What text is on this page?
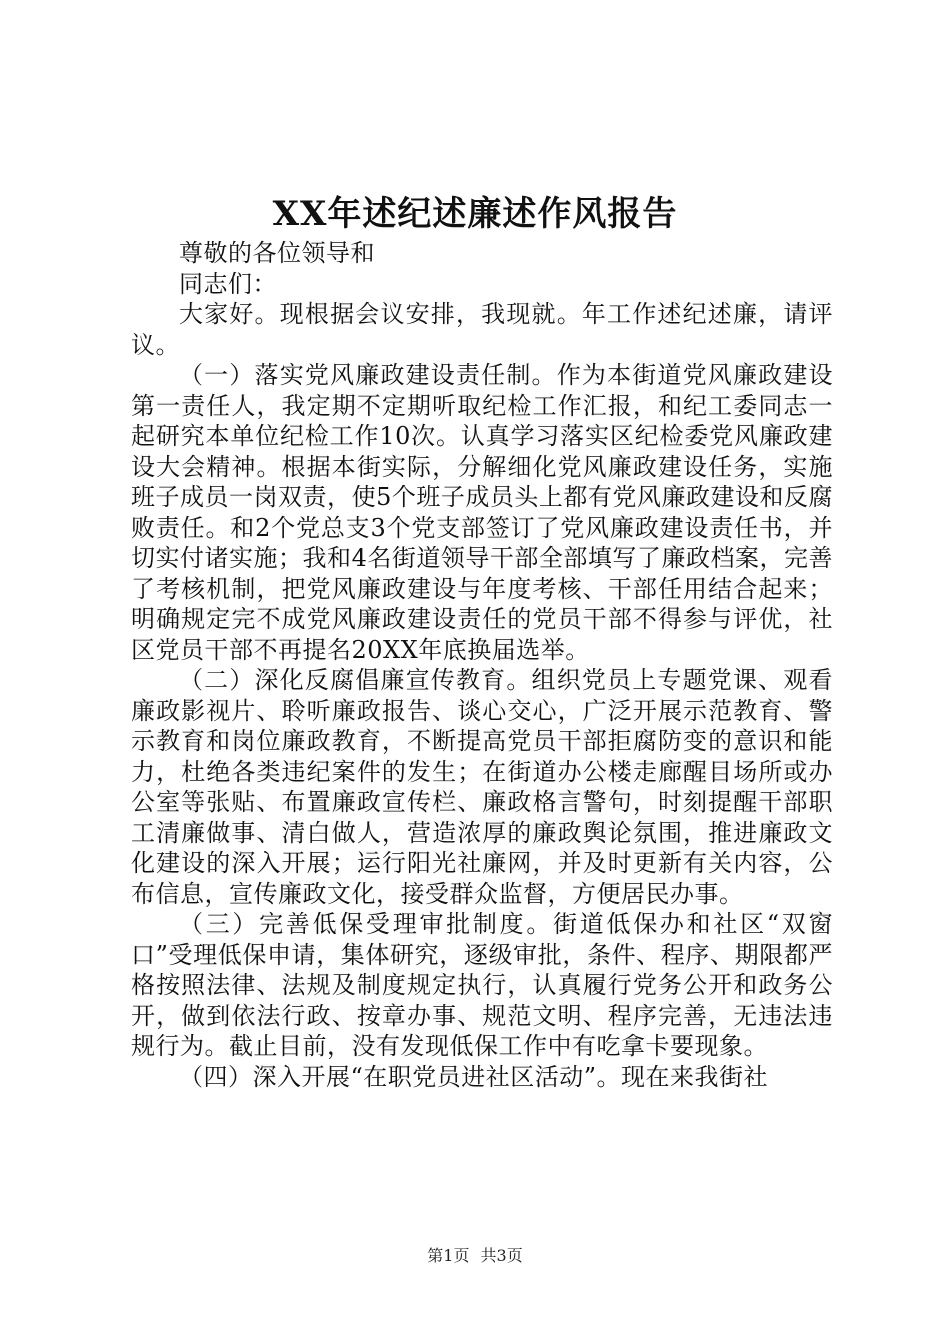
XX年述纪述廉述作风报告

尊敬的各位领导和

同志们：

大家好。现根据会议安排，我现就。年工作述纪述廉，请评议。

（一）落实党风廉政建设责任制。作为本街道党风廉政建设第一责任人，我定期不定期听取纪检工作汇报，和纪工委同志一起研究本单位纪检工作10次。认真学习落实区纪检委党风廉政建设大会精神。根据本街实际，分解细化党风廉政建设任务，实施班子成员一岗双责，使5个班子成员头上都有党风廉政建设和反腐败责任。和2个党总支3个党支部签订了党风廉政建设责任书，并切实付诸实施；我和4名街道领导干部全部填写了廉政档案，完善了考核机制，把党风廉政建设与年度考核、干部任用结合起来；明确规定完不成党风廉政建设责任的党员干部不得参与评优，社区党员干部不再提名20XX年底换届选举。

（二）深化反腐倡廉宣传教育。组织党员上专题党课、观看廉政影视片、聆听廉政报告、谈心交心，广泛开展示范教育、警示教育和岗位廉政教育，不断提高党员干部拒腐防变的意识和能力，杜绝各类违纪案件的发生；在街道办公楼走廊醒目场所或办公室等张贴、布置廉政宣传栏、廉政格言警句，时刻提醒干部职工清廉做事、清白做人，营造浓厚的廉政舆论氛围，推进廉政文化建设的深入开展；运行阳光社廉网，并及时更新有关内容，公布信息，宣传廉政文化，接受群众监督，方便居民办事。

（三）完善低保受理审批制度。街道低保办和社区“双窗口”受理低保申请，集体研究，逐级审批，条件、程序、期限都严格按照法律、法规及制度规定执行，认真履行党务公开和政务公开，做到依法行政、按章办事、规范文明、程序完善，无违法违规行为。截止目前，没有发现低保工作中有吃拿卡要现象。

（四）深入开展“在职党员进社区活动”。现在来我街社

第1页 共3页
